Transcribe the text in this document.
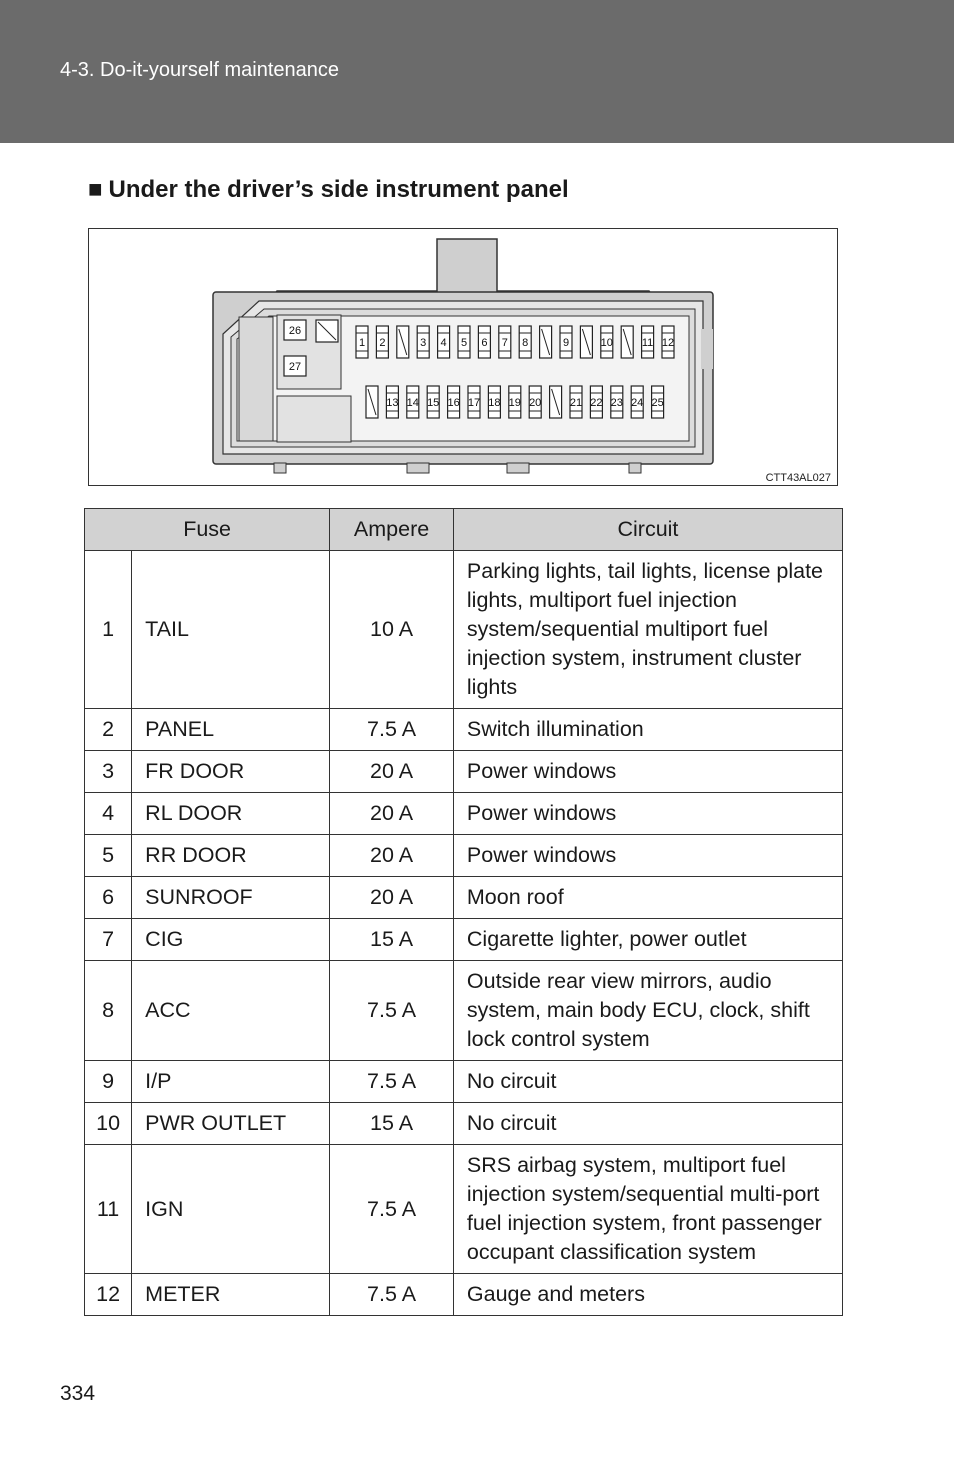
4-3. Do-it-yourself maintenance
■ Under the driver’s side instrument panel
1 2	3 4 5 6 7 8	9	10	11 12
13 14 15 16 17 18 19 20	21 22 23 24 25
26
27
CTT43AL027
Fuse		Ampere	Circuit
1	TAIL	10 A	Parking lights, tail lights, license plate lights, multiport fuel injection system/sequential multiport fuel injection system, instrument cluster lights
2	PANEL	7.5 A	Switch illumination
3	FR DOOR	20 A	Power windows
4	RL DOOR	20 A	Power windows
5	RR DOOR	20 A	Power windows
6	SUNROOF	20 A	Moon roof
7	CIG	15 A	Cigarette lighter, power outlet
8	ACC	7.5 A	Outside rear view mirrors, audio system, main body ECU, clock, shift lock control system
9	I/P	7.5 A	No circuit
10	PWR OUTLET	15 A	No circuit
11	IGN	7.5 A	SRS airbag system, multiport fuel injection system/sequential multi-port fuel injection system, front passenger occupant classification system
12	METER	7.5 A	Gauge and meters
334
